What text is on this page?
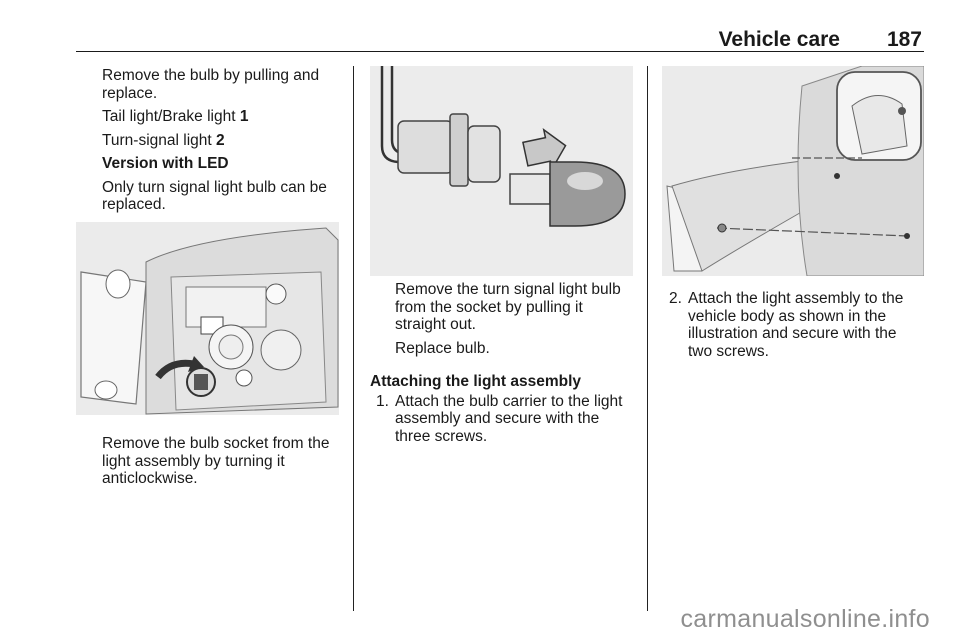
Vehicle care 187

Remove the bulb by pulling and replace.

Tail light/Brake light 1

Turn-signal light 2

Version with LED

Only turn signal light bulb can be replaced.

Remove the bulb socket from the light assembly by turning it anticlockwise.

Remove the turn signal light bulb from the socket by pulling it straight out.

Replace bulb.

Attaching the light assembly

1. Attach the bulb carrier to the light assembly and secure with the three screws.
2. Attach the light assembly to the vehicle body as shown in the illustration and secure with the two screws.
carmanualsonline.info
